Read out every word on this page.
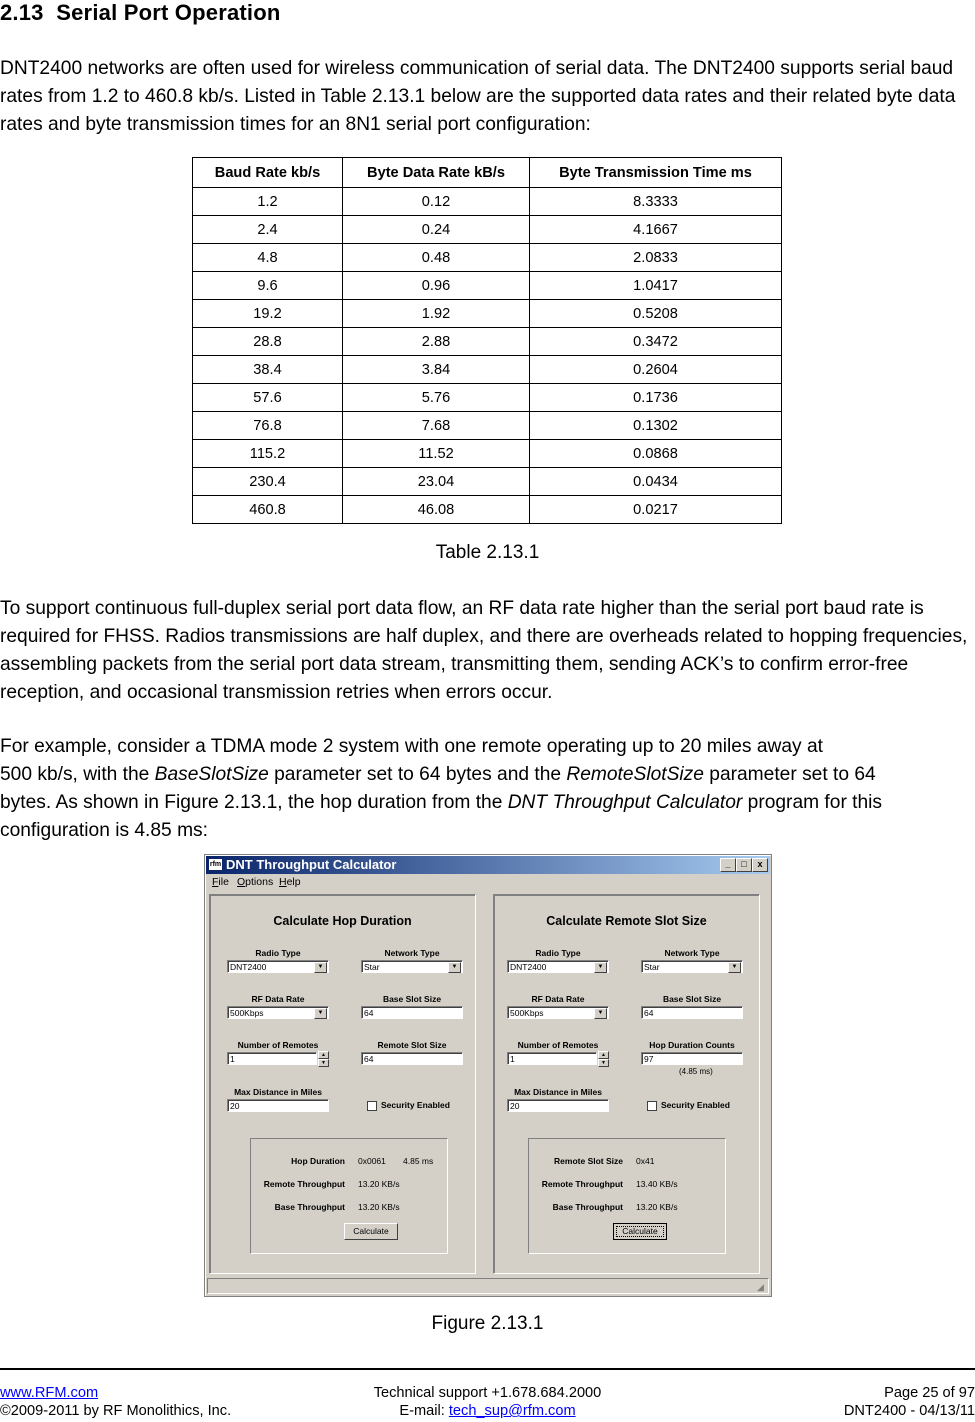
2.13 Serial Port Operation

DNT2400 networks are often used for wireless communication of serial data. The DNT2400 supports serial baud rates from 1.2 to 460.8 kb/s. Listed in Table 2.13.1 below are the supported data rates and their related byte data rates and byte transmission times for an 8N1 serial port configuration:

Baud Rate kb/s	Byte Data Rate kB/s	Byte Transmission Time ms
1.2	0.12	8.3333
2.4	0.24	4.1667
4.8	0.48	2.0833
9.6	0.96	1.0417
19.2	1.92	0.5208
28.8	2.88	0.3472
38.4	3.84	0.2604
57.6	5.76	0.1736
76.8	7.68	0.1302
115.2	11.52	0.0868
230.4	23.04	0.0434
460.8	46.08	0.0217
Table 2.13.1

To support continuous full-duplex serial port data flow, an RF data rate higher than the serial port baud rate is required for FHSS. Radios transmissions are half duplex, and there are overheads related to hopping frequencies, assembling packets from the serial port data stream, transmitting them, sending ACK’s to confirm error-free reception, and occasional transmission retries when errors occur.

For example, consider a TDMA mode 2 system with one remote operating up to 20 miles away at
500 kb/s, with the BaseSlotSize parameter set to 64 bytes and the RemoteSlotSize parameter set to 64
bytes. As shown in Figure 2.13.1, the hop duration from the DNT Throughput Calculator program for this
configuration is 4.85 ms:

rfm DNT Throughput Calculator	_	□	x
File Options Help
Calculate Hop Duration
Radio Type
DNT2400	▼
Network Type
Star	▼
RF Data Rate
500Kbps	▼
Base Slot Size
64
Number of Remotes
1	▲
▼
Remote Slot Size
64
Max Distance in Miles
20	Security Enabled
Hop Duration 0x0061 4.85 ms
Remote Throughput 13.20 KB/s
Base Throughput 13.20 KB/s
Calculate
Calculate Remote Slot Size
Radio Type
DNT2400	▼
Network Type
Star	▼
RF Data Rate
500Kbps	▼
Base Slot Size
64
Number of Remotes
1	▲
▼
Hop Duration Counts
97
(4.85 ms)
Max Distance in Miles
20	Security Enabled
Remote Slot Size 0x41
Remote Throughput 13.40 KB/s
Base Throughput 13.20 KB/s
Calculate
◢
Figure 2.13.1
www.RFM.com
©2009-2011 by RF Monolithics, Inc.
Technical support +1.678.684.2000
E-mail: tech_sup@rfm.com
Page 25 of 97
DNT2400 - 04/13/11
